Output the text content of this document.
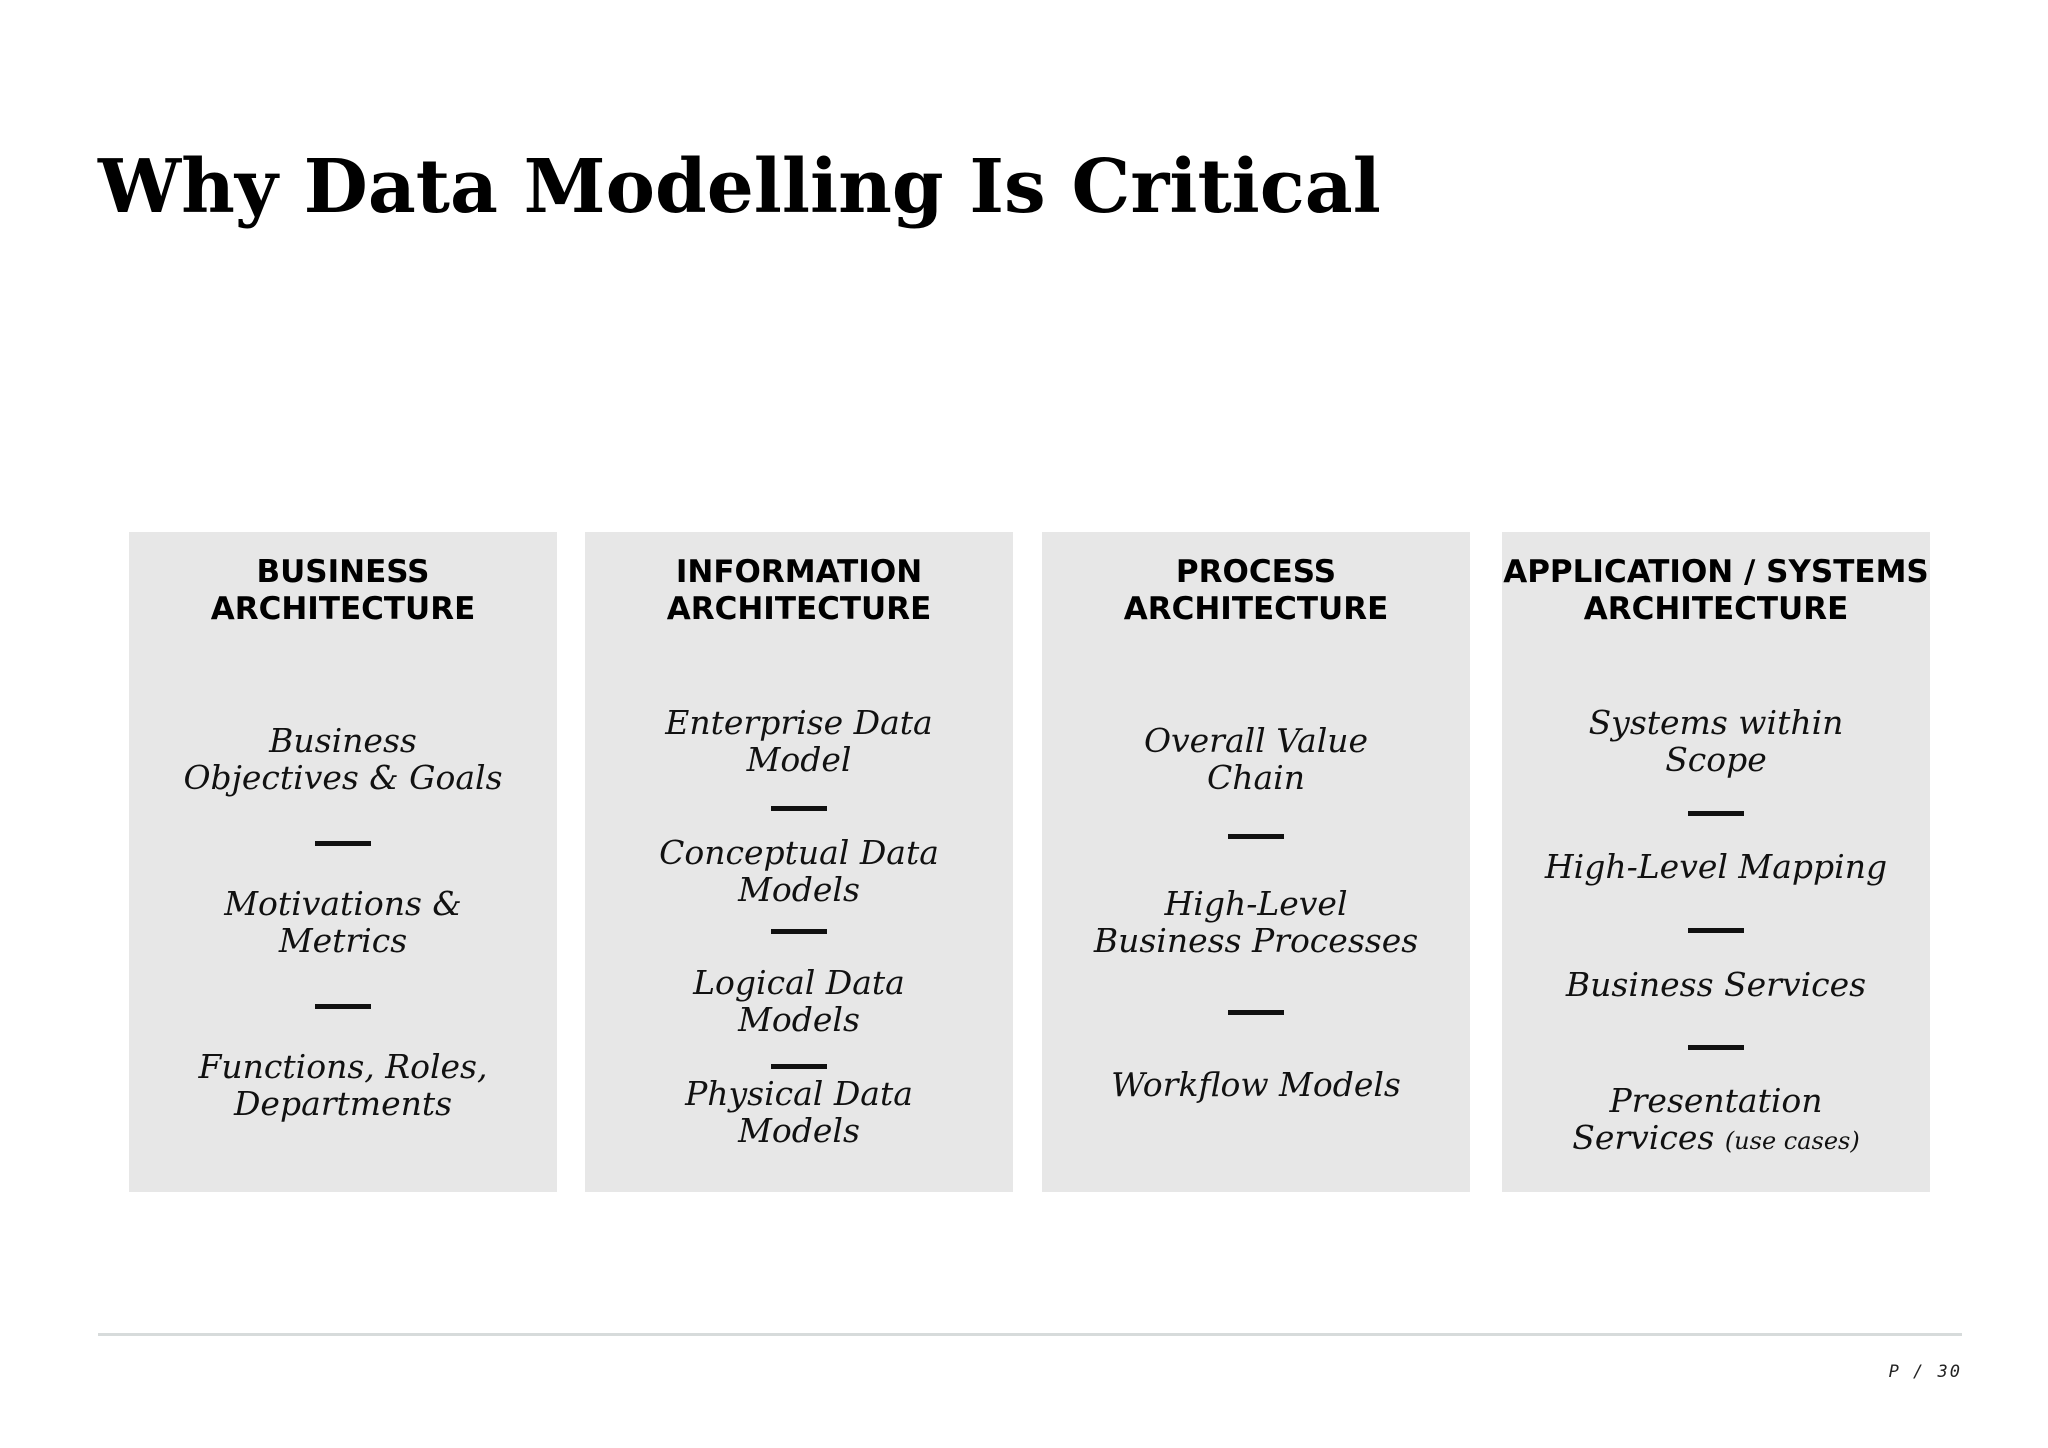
Why Data Modelling Is Critical
BUSINESS
ARCHITECTURE
Business
Objectives & Goals
Motivations &
Metrics
Functions, Roles,
Departments
INFORMATION
ARCHITECTURE
Enterprise Data
Model
Conceptual Data
Models
Logical Data
Models
Physical Data
Models
PROCESS
ARCHITECTURE
Overall Value
Chain
High-Level
Business Processes
Workflow Models
APPLICATION / SYSTEMS
ARCHITECTURE
Systems within
Scope
High-Level Mapping
Business Services
Presentation
Services (use cases)
P / 30
